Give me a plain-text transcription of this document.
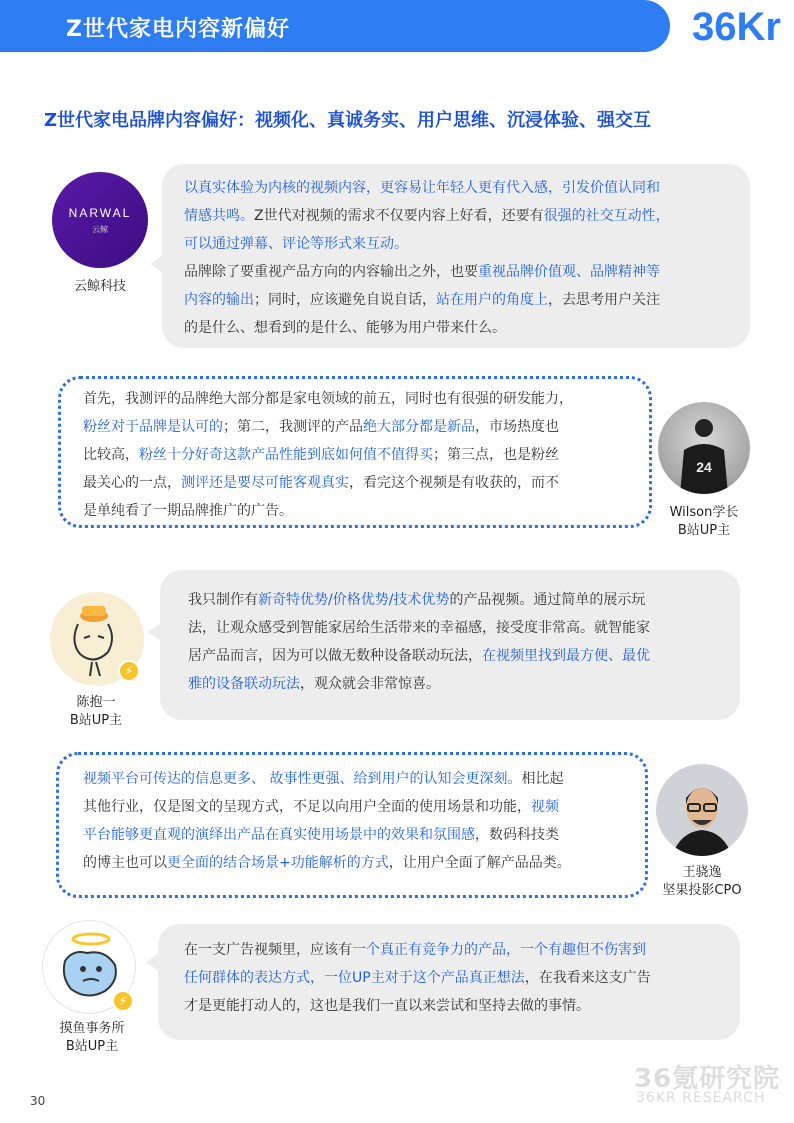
Z世代家电内容新偏好	36Kr
Z世代家电品牌内容偏好：视频化、真诚务实、用户思维、沉浸体验、强交互
NARWAL
云鲸
云鲸科技
以真实体验为内核的视频内容，更容易让年轻人更有代入感，引发价值认同和
情感共鸣。Z世代对视频的需求不仅要内容上好看，还要有很强的社交互动性，
可以通过弹幕、评论等形式来互动。
品牌除了要重视产品方向的内容输出之外，也要重视品牌价值观、品牌精神等
内容的输出；同时，应该避免自说自话，站在用户的角度上，去思考用户关注
的是什么、想看到的是什么、能够为用户带来什么。
首先，我测评的品牌绝大部分都是家电领域的前五，同时也有很强的研发能力，
粉丝对于品牌是认可的；第二，我测评的产品绝大部分都是新品，市场热度也
比较高，粉丝十分好奇这款产品性能到底如何值不值得买；第三点，也是粉丝
最关心的一点，测评还是要尽可能客观真实，看完这个视频是有收获的，而不
是单纯看了一期品牌推广的广告。
24
Wilson学长
B站UP主
⚡
陈抱一
B站UP主
我只制作有新奇特优势/价格优势/技术优势的产品视频。通过简单的展示玩
法，让观众感受到智能家居给生活带来的幸福感，接受度非常高。就智能家
居产品而言，因为可以做无数种设备联动玩法，在视频里找到最方便、最优
雅的设备联动玩法，观众就会非常惊喜。
视频平台可传达的信息更多、 故事性更强、给到用户的认知会更深刻。相比起
其他行业，仅是图文的呈现方式，不足以向用户全面的使用场景和功能，视频
平台能够更直观的演绎出产品在真实使用场景中的效果和氛围感，数码科技类
的博主也可以更全面的结合场景+功能解析的方式，让用户全面了解产品品类。
王骁逸
坚果投影CPO
⚡
摸鱼事务所
B站UP主
在一支广告视频里，应该有一个真正有竞争力的产品，一个有趣但不伤害到
任何群体的表达方式，一位UP主对于这个产品真正想法，在我看来这支广告
才是更能打动人的，这也是我们一直以来尝试和坚持去做的事情。
30
36氪研究院
36KR RESEARCH
